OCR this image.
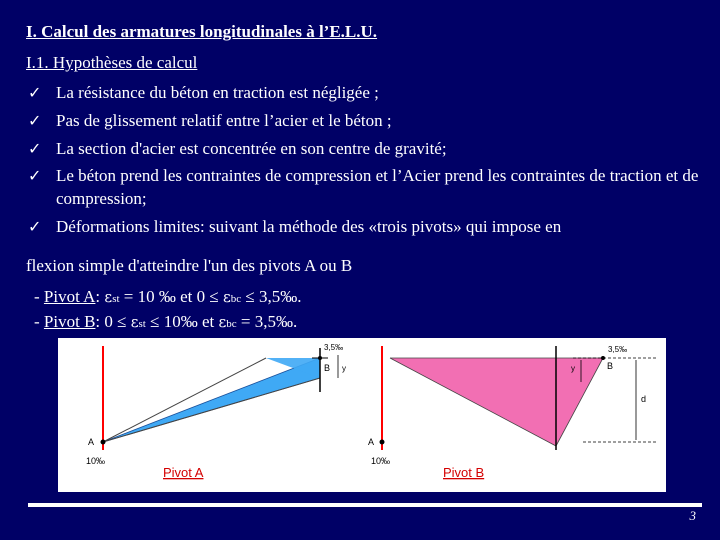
I. Calcul des armatures longitudinales à l’E.L.U.
I.1. Hypothèses de calcul
✓ La résistance du béton en traction est négligée ;
✓ Pas de glissement relatif entre l’acier et le béton ;
✓ La section d'acier est concentrée en son centre de gravité;
✓ Le béton prend les contraintes de compression et l’Acier prend les contraintes de traction et de compression;
✓ Déformations limites: suivant la méthode des «trois pivots» qui impose en
flexion simple d'atteindre l'un des pivots A ou B
- Pivot A: εst = 10 ‰ et 0 ≤ εbc ≤ 3,5‰.
- Pivot B: 0 ≤ εst ≤ 10‰ et εbc = 3,5‰.
A
10‰
3,5‰
B y
Pivot A
A
10‰
3,5‰
B
y
d
Pivot B
3
